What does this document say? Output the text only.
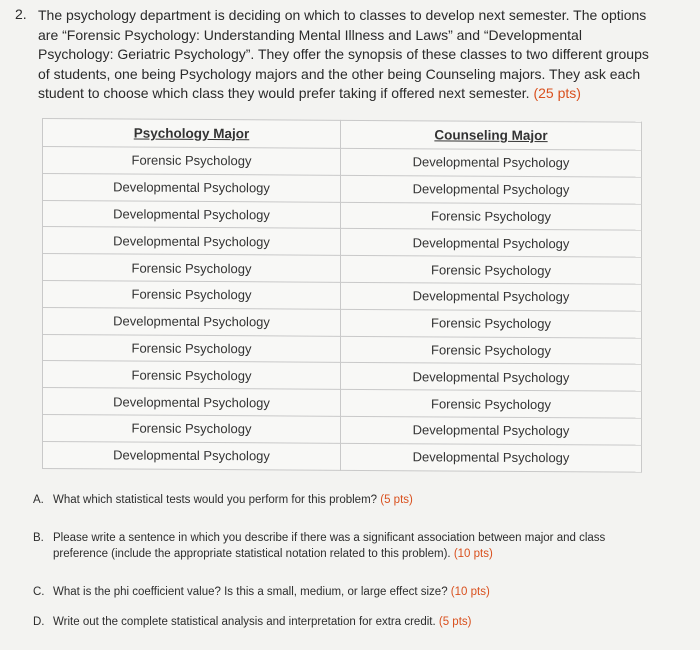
2. The psychology department is deciding on which to classes to develop next semester. The options are “Forensic Psychology: Understanding Mental Illness and Laws” and “Developmental Psychology: Geriatric Psychology”. They offer the synopsis of these classes to two different groups of students, one being Psychology majors and the other being Counseling majors. They ask each student to choose which class they would prefer taking if offered next semester. (25 pts)

Psychology Major	Counseling Major
Forensic Psychology	Developmental Psychology
Developmental Psychology	Developmental Psychology
Developmental Psychology	Forensic Psychology
Developmental Psychology	Developmental Psychology
Forensic Psychology	Forensic Psychology
Forensic Psychology	Developmental Psychology
Developmental Psychology	Forensic Psychology
Forensic Psychology	Forensic Psychology
Forensic Psychology	Developmental Psychology
Developmental Psychology	Forensic Psychology
Forensic Psychology	Developmental Psychology
Developmental Psychology	Developmental Psychology

A. What which statistical tests would you perform for this problem? (5 pts)

B. Please write a sentence in which you describe if there was a significant association between major and class preference (include the appropriate statistical notation related to this problem). (10 pts)

C. What is the phi coefficient value? Is this a small, medium, or large effect size? (10 pts)

D. Write out the complete statistical analysis and interpretation for extra credit. (5 pts)
